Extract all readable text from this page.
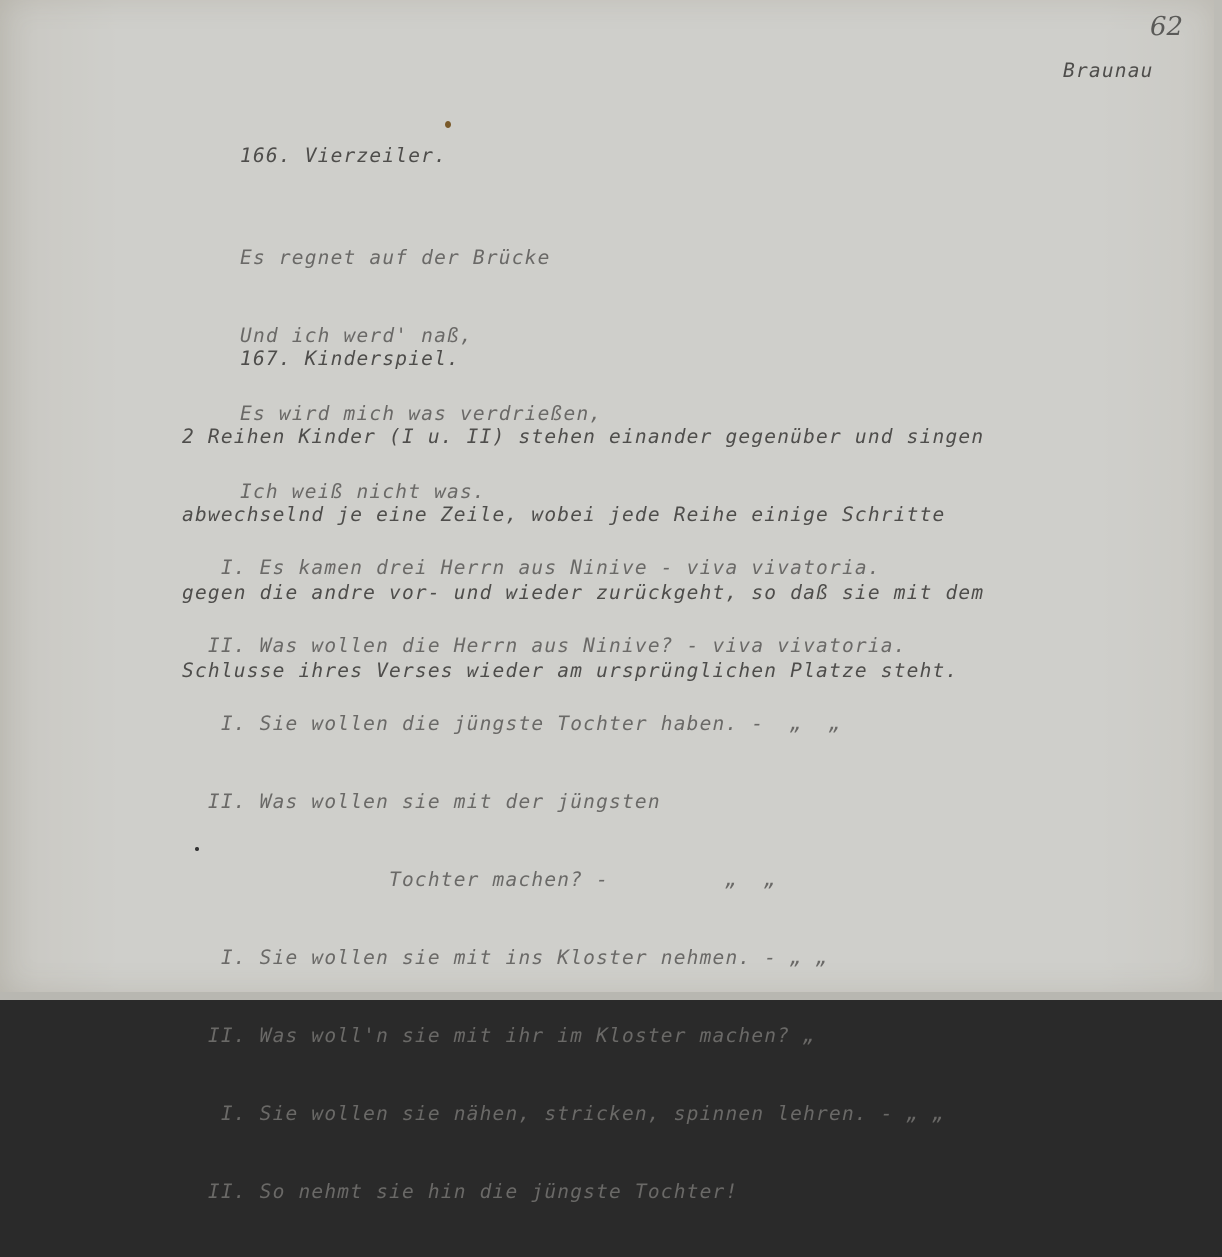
62
Braunau
166. Vierzeiler.

Es regnet auf der Brücke

Und ich werd' naß,

Es wird mich was verdrießen,

Ich weiß nicht was.

167. Kinderspiel.

2 Reihen Kinder (I u. II) stehen einander gegenüber und singen

abwechselnd je eine Zeile, wobei jede Reihe einige Schritte

gegen die andre vor- und wieder zurückgeht, so daß sie mit dem

Schlusse ihres Verses wieder am ursprünglichen Platze steht.

I. Es kamen drei Herrn aus Ninive - viva vivatoria.

II. Was wollen die Herrn aus Ninive? - viva vivatoria.

I. Sie wollen die jüngste Tochter haben. -  „  „

II. Was wollen sie mit der jüngsten

Tochter machen? -         „  „

I. Sie wollen sie mit ins Kloster nehmen. - „ „

II. Was woll'n sie mit ihr im Kloster machen? „

I. Sie wollen sie nähen, stricken, spinnen lehren. - „ „

II. So nehmt sie hin die jüngste Tochter!
